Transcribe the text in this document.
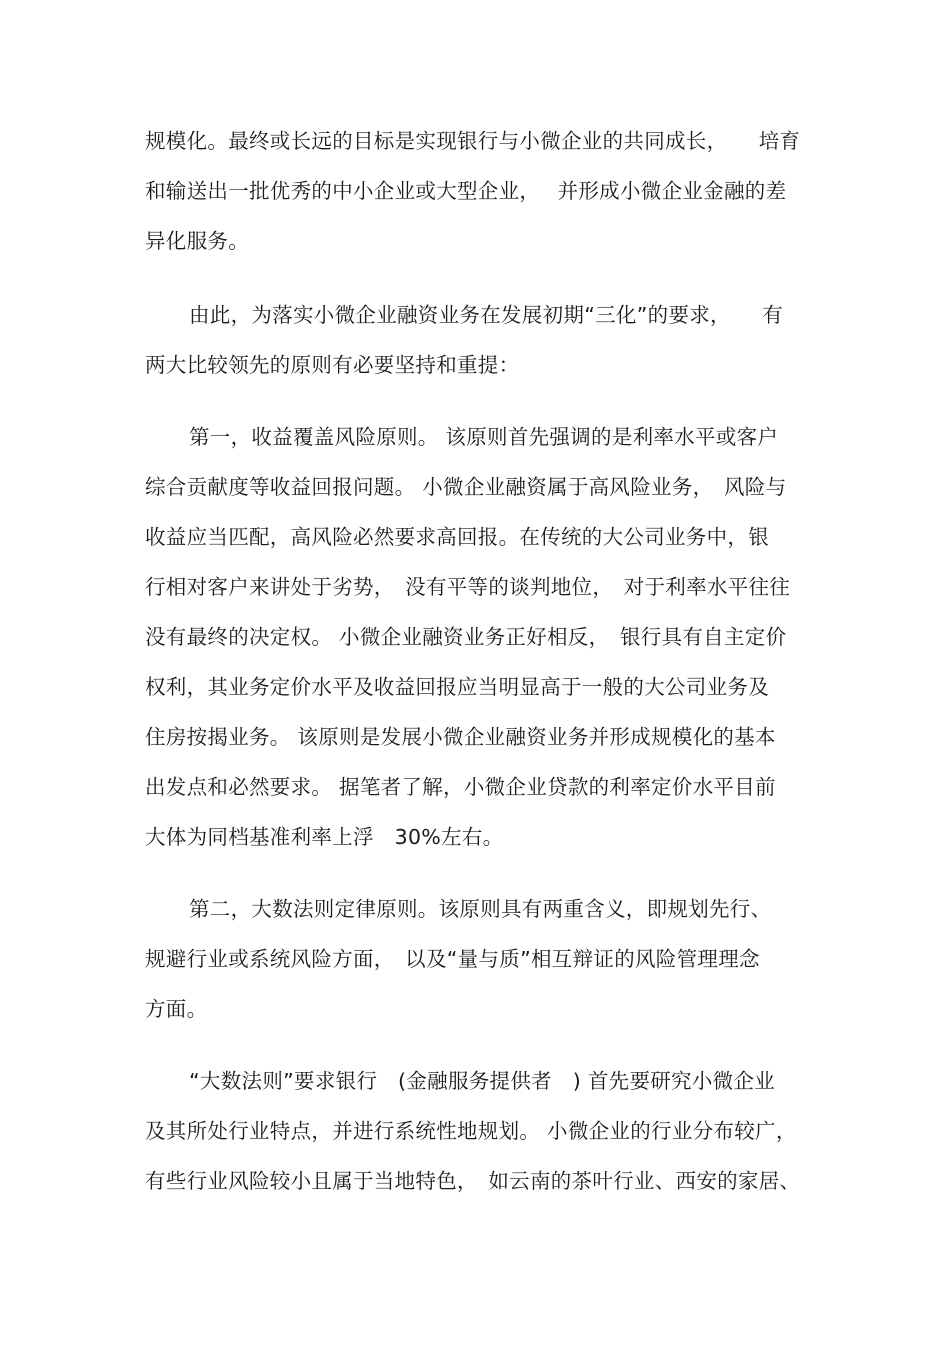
规模化。最终或长远的目标是实现银行与小微企业的共同成长，　　培育
和输送出一批优秀的中小企业或大型企业，　 并形成小微企业金融的差
异化服务。
由此，为落实小微企业融资业务在发展初期“三化”的要求，　　有
两大比较领先的原则有必要坚持和重提：
第一，收益覆盖风险原则。 该原则首先强调的是利率水平或客户
综合贡献度等收益回报问题。 小微企业融资属于高风险业务，　风险与
收益应当匹配，高风险必然要求高回报。在传统的大公司业务中，银
行相对客户来讲处于劣势，　没有平等的谈判地位，　对于利率水平往往
没有最终的决定权。 小微企业融资业务正好相反，　银行具有自主定价
权利，其业务定价水平及收益回报应当明显高于一般的大公司业务及
住房按揭业务。 该原则是发展小微企业融资业务并形成规模化的基本
出发点和必然要求。 据笔者了解，小微企业贷款的利率定价水平目前
大体为同档基准利率上浮　30%左右。
第二，大数法则定律原则。该原则具有两重含义，即规划先行、
规避行业或系统风险方面，　以及“量与质”相互辩证的风险管理理念
方面。
“大数法则”要求银行　(金融服务提供者　) 首先要研究小微企业
及其所处行业特点，并进行系统性地规划。 小微企业的行业分布较广，
有些行业风险较小且属于当地特色，　如云南的茶叶行业、西安的家居、
